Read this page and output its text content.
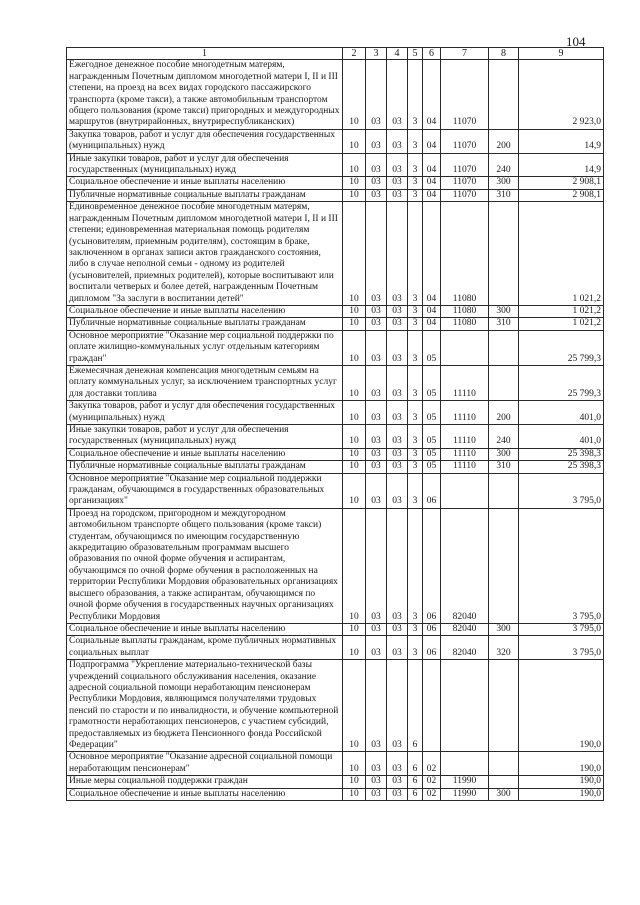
104
1	2	3	4	5	6	7	8	9
Ежегодное денежное пособие многодетным матерям, награжденным Почетным дипломом многодетной матери I, II и III степени, на проезд на всех видах городского пассажирского транспорта (кроме такси), а также автомобильным транспортом общего пользования (кроме такси) пригородных и междугородных маршрутов (внутрирайонных, внутриреспубликанских)	10	03	03	3	04	11070		2 923,0
Закупка товаров, работ и услуг для обеспечения государственных (муниципальных) нужд	10	03	03	3	04	11070	200	14,9
Иные закупки товаров, работ и услуг для обеспечения государственных (муниципальных) нужд	10	03	03	3	04	11070	240	14,9
Социальное обеспечение и иные выплаты населению	10	03	03	3	04	11070	300	2 908,1
Публичные нормативные социальные выплаты гражданам	10	03	03	3	04	11070	310	2 908,1
Единовременное денежное пособие многодетным матерям, награжденным Почетным дипломом многодетной матери I, II и III степени; единовременная материальная помощь родителям (усыновителям, приемным родителям), состоящим в браке, заключенном в органах записи актов гражданского состояния, либо в случае неполной семьи - одному из родителей (усыновителей, приемных родителей), которые воспитывают или воспитали четверых и более детей, награжденным Почетным дипломом "За заслуги в воспитании детей"	10	03	03	3	04	11080		1 021,2
Социальное обеспечение и иные выплаты населению	10	03	03	3	04	11080	300	1 021,2
Публичные нормативные социальные выплаты гражданам	10	03	03	3	04	11080	310	1 021,2
Основное мероприятие "Оказание мер социальной поддержки по оплате жилищно-коммунальных услуг отдельным категориям граждан"	10	03	03	3	05			25 799,3
Ежемесячная денежная компенсация многодетным семьям на оплату коммунальных услуг, за исключением транспортных услуг для доставки топлива	10	03	03	3	05	11110		25 799,3
Закупка товаров, работ и услуг для обеспечения государственных (муниципальных) нужд	10	03	03	3	05	11110	200	401,0
Иные закупки товаров, работ и услуг для обеспечения государственных (муниципальных) нужд	10	03	03	3	05	11110	240	401,0
Социальное обеспечение и иные выплаты населению	10	03	03	3	05	11110	300	25 398,3
Публичные нормативные социальные выплаты гражданам	10	03	03	3	05	11110	310	25 398,3
Основное мероприятие "Оказание мер социальной поддержки гражданам, обучающимся в государственных образовательных организациях"	10	03	03	3	06			3 795,0
Проезд на городском, пригородном и междугородном автомобильном транспорте общего пользования (кроме такси) студентам, обучающимся по имеющим государственную аккредитацию образовательным программам высшего образования по очной форме обучения и аспирантам, обучающимся по очной форме обучения в расположенных на территории Республики Мордовия образовательных организациях высшего образования, а также аспирантам, обучающимся по очной форме обучения в государственных научных организациях Республики Мордовия	10	03	03	3	06	82040		3 795,0
Социальное обеспечение и иные выплаты населению	10	03	03	3	06	82040	300	3 795,0
Социальные выплаты гражданам, кроме публичных нормативных социальных выплат	10	03	03	3	06	82040	320	3 795,0
Подпрограмма "Укрепление материально-технической базы учреждений социального обслуживания населения, оказание адресной социальной помощи неработающим пенсионерам Республики Мордовия, являющимся получателями трудовых пенсий по старости и по инвалидности, и обучение компьютерной грамотности неработающих пенсионеров, с участием субсидий, предоставляемых из бюджета Пенсионного фонда Российской Федерации"	10	03	03	6				190,0
Основное мероприятие "Оказание адресной социальной помощи неработающим пенсионерам"	10	03	03	6	02			190,0
Иные меры социальной поддержки граждан	10	03	03	6	02	11990		190,0
Социальное обеспечение и иные выплаты населению	10	03	03	6	02	11990	300	190,0
